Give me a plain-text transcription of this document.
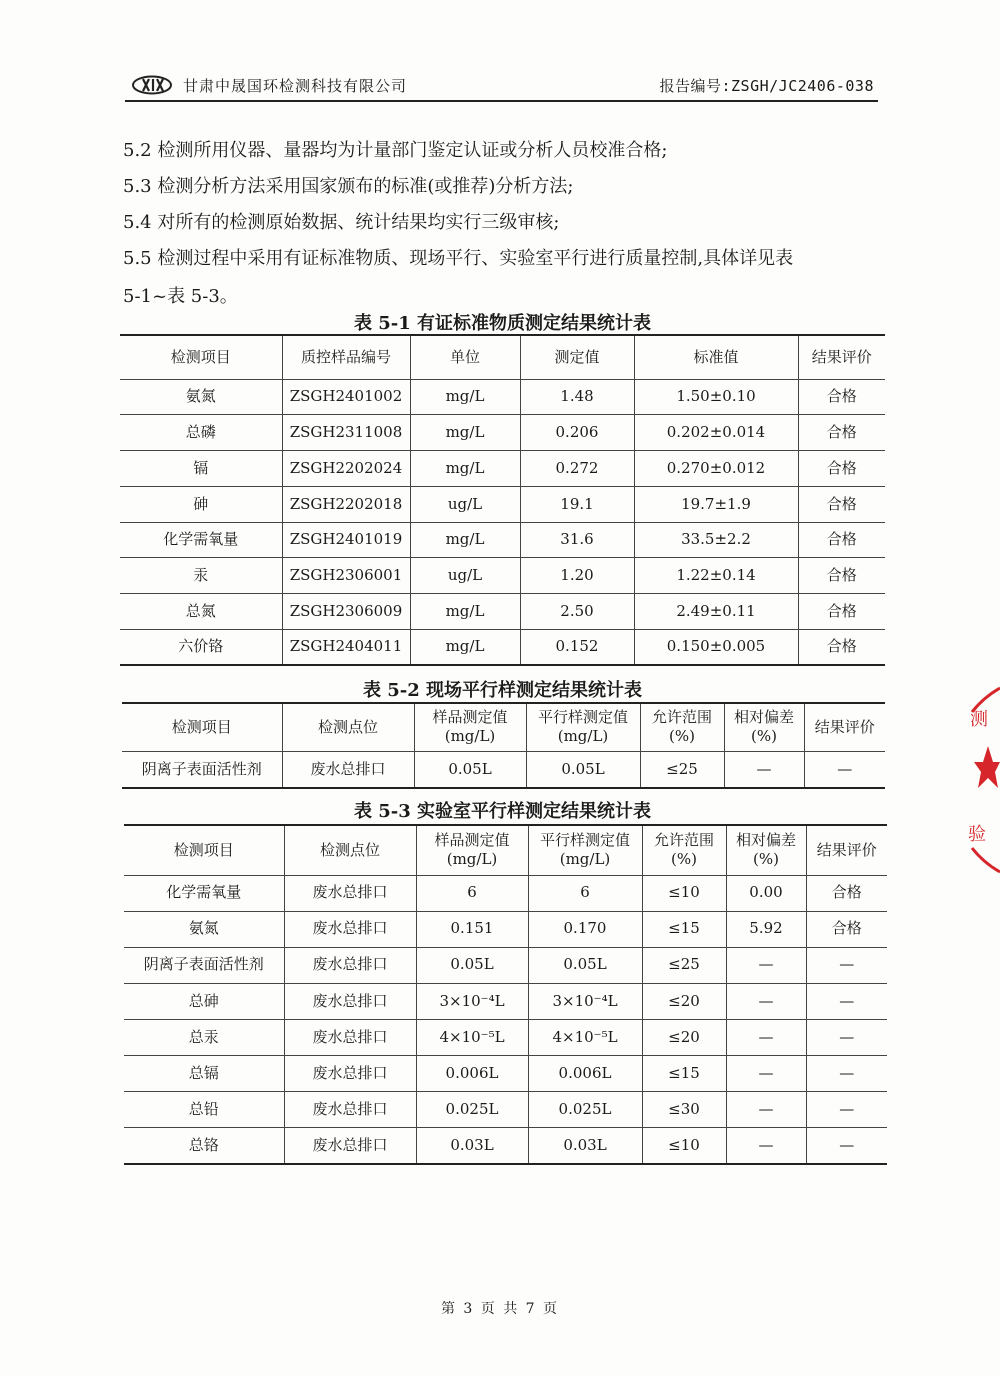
甘肃中晟国环检测科技有限公司	报告编号:ZSGH/JC2406-038
5.2 检测所用仪器、量器均为计量部门鉴定认证或分析人员校准合格;
5.3 检测分析方法采用国家颁布的标准(或推荐)分析方法;
5.4 对所有的检测原始数据、统计结果均实行三级审核;
5.5 检测过程中采用有证标准物质、现场平行、实验室平行进行质量控制,具体详见表
5-1~表 5-3。
表 5-1 有证标准物质测定结果统计表
检测项目	质控样品编号	单位	测定值	标准值	结果评价
氨氮	ZSGH2401002	mg/L	1.48	1.50±0.10	合格
总磷	ZSGH2311008	mg/L	0.206	0.202±0.014	合格
镉	ZSGH2202024	mg/L	0.272	0.270±0.012	合格
砷	ZSGH2202018	ug/L	19.1	19.7±1.9	合格
化学需氧量	ZSGH2401019	mg/L	31.6	33.5±2.2	合格
汞	ZSGH2306001	ug/L	1.20	1.22±0.14	合格
总氮	ZSGH2306009	mg/L	2.50	2.49±0.11	合格
六价铬	ZSGH2404011	mg/L	0.152	0.150±0.005	合格
表 5-2 现场平行样测定结果统计表
检测项目	检测点位	样品测定值(mg/L)	平行样测定值(mg/L)	允许范围(%)	相对偏差(%)	结果评价
阴离子表面活性剂	废水总排口	0.05L	0.05L	≤25	—	—
表 5-3 实验室平行样测定结果统计表
检测项目	检测点位	样品测定值(mg/L)	平行样测定值(mg/L)	允许范围(%)	相对偏差(%)	结果评价
化学需氧量	废水总排口	6	6	≤10	0.00	合格
氨氮	废水总排口	0.151	0.170	≤15	5.92	合格
阴离子表面活性剂	废水总排口	0.05L	0.05L	≤25	—	—
总砷	废水总排口	3×10⁻⁴L	3×10⁻⁴L	≤20	—	—
总汞	废水总排口	4×10⁻⁵L	4×10⁻⁵L	≤20	—	—
总镉	废水总排口	0.006L	0.006L	≤15	—	—
总铅	废水总排口	0.025L	0.025L	≤30	—	—
总铬	废水总排口	0.03L	0.03L	≤10	—	—
测
验
第 3 页 共 7 页
